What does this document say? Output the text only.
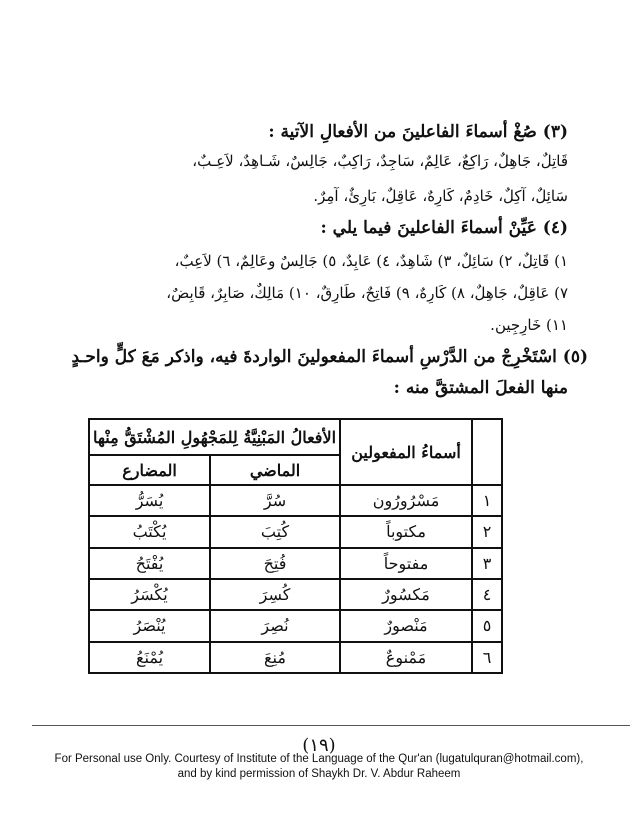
(٣) صُغْ أسماءَ الفاعلينَ من الأفعالِ الآتية :
قَاتِلٌ، جَاهِلٌ، رَاكِعٌ، عَالِمٌ، سَاجِدٌ، رَاكِبٌ، جَالِسٌ، شَـاهِدٌ، لاَعِـبٌ،
سَائِلٌ، آكِلٌ، خَادِمٌ، كَارِهٌ، عَاقِلٌ، بَارِئٌ، آمِرٌ.
(٤) عَيِّنْ أسماءَ الفاعلينَ فيما يلي :
١) قَاتِلٌ، ٢) سَائِلٌ، ٣) شَاهِدٌ، ٤) عَابِدٌ، ٥) جَالِسٌ وعَالِمٌ، ٦) لاَعِبٌ،
٧) عَاقِلٌ، جَاهِلٌ، ٨) كَارِهٌ، ٩) فَاتِحٌ، طَارِقٌ، ١٠) مَالِكٌ، صَابِرٌ، قَابِضٌ،
١١) خَارِجِين.
(٥) اسْتَخْرِجْ من الدَّرْسِ أسماءَ المفعولينَ الواردةَ فيه، واذكر مَعَ كلٍّ واحـدٍ
منها الفعلَ المشتقَّ منه :
	أسماءُ المفعولين	الأفعالُ المَبْنِيَّةُ لِلمَجْهُولِ المُشْتَقُّ مِنْها	
		الماضي	المضارع
١	مَسْرُورُون	سُرَّ	يُسَرُّ
٢	مكتوباً	كُتِبَ	يُكْتَبُ
٣	مفتوحاً	فُتِحَ	يُفْتَحُ
٤	مَكسُورٌ	كُسِرَ	يُكْسَرُ
٥	مَنْصورٌ	نُصِرَ	يُنْصَرُ
٦	مَمْنوعٌ	مُنِعَ	يُمْنَعُ
(١٩)
For Personal use Only. Courtesy of Institute of the Language of the Qur'an (lugatulquran@hotmail.com),
and by kind permission of Shaykh Dr. V. Abdur Raheem
